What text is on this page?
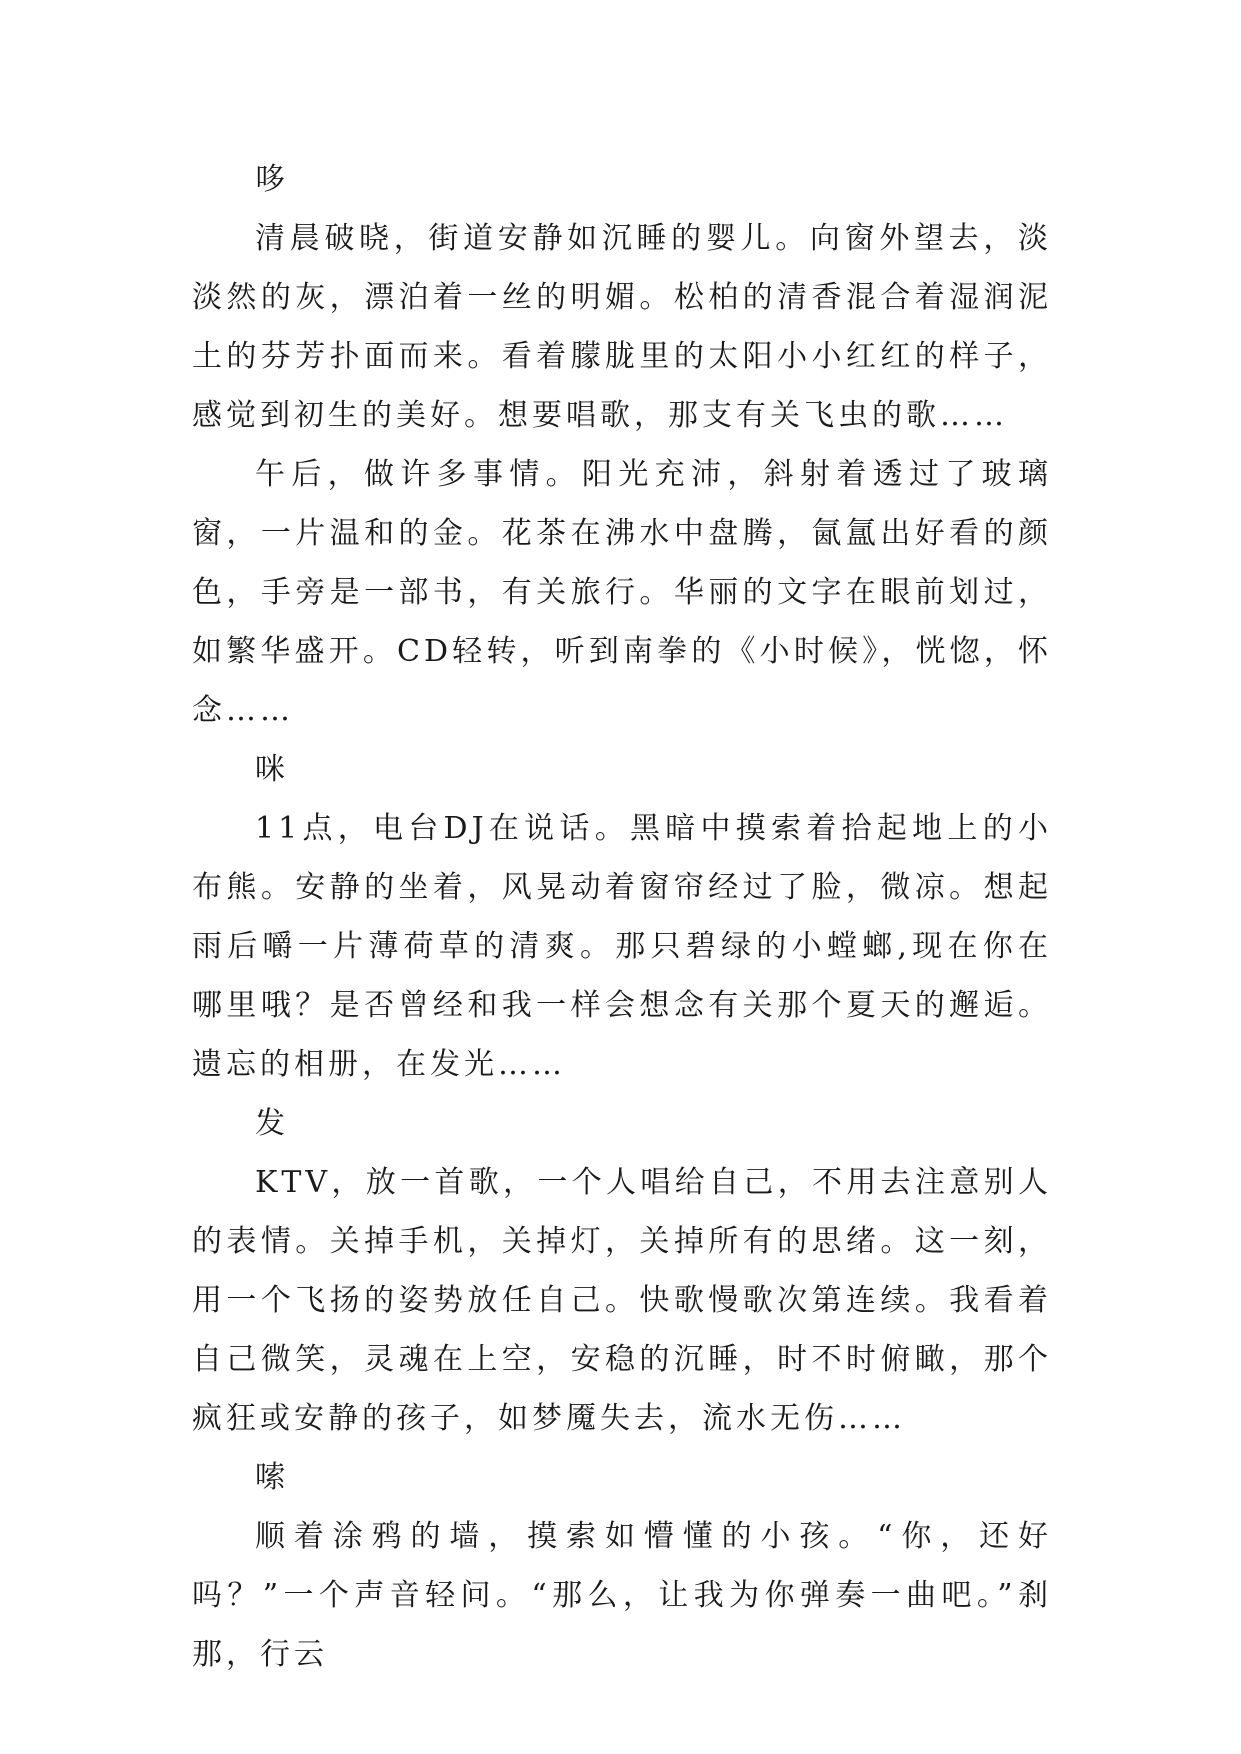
哆

清晨破晓，街道安静如沉睡的婴儿。向窗外望去，淡淡然的灰，漂泊着一丝的明媚。松柏的清香混合着湿润泥土的芬芳扑面而来。看着朦胧里的太阳小小红红的样子，感觉到初生的美好。想要唱歌，那支有关飞虫的歌……

午后，做许多事情。阳光充沛，斜射着透过了玻璃窗，一片温和的金。花茶在沸水中盘腾，氤氲出好看的颜色，手旁是一部书，有关旅行。华丽的文字在眼前划过，如繁华盛开。CD轻转，听到南拳的《小时候》，恍惚，怀念……

咪

11点，电台DJ在说话。黑暗中摸索着拾起地上的小布熊。安静的坐着，风晃动着窗帘经过了脸，微凉。想起雨后嚼一片薄荷草的清爽。那只碧绿的小螳螂,现在你在哪里哦？是否曾经和我一样会想念有关那个夏天的邂逅。遗忘的相册，在发光……

发

KTV，放一首歌，一个人唱给自己，不用去注意别人的表情。关掉手机，关掉灯，关掉所有的思绪。这一刻，用一个飞扬的姿势放任自己。快歌慢歌次第连续。我看着自己微笑，灵魂在上空，安稳的沉睡，时不时俯瞰，那个疯狂或安静的孩子，如梦魇失去，流水无伤……

嗦

顺着涂鸦的墙，摸索如懵懂的小孩。“你，还好吗？”一个声音轻问。“那么，让我为你弹奏一曲吧。”刹那，行云
